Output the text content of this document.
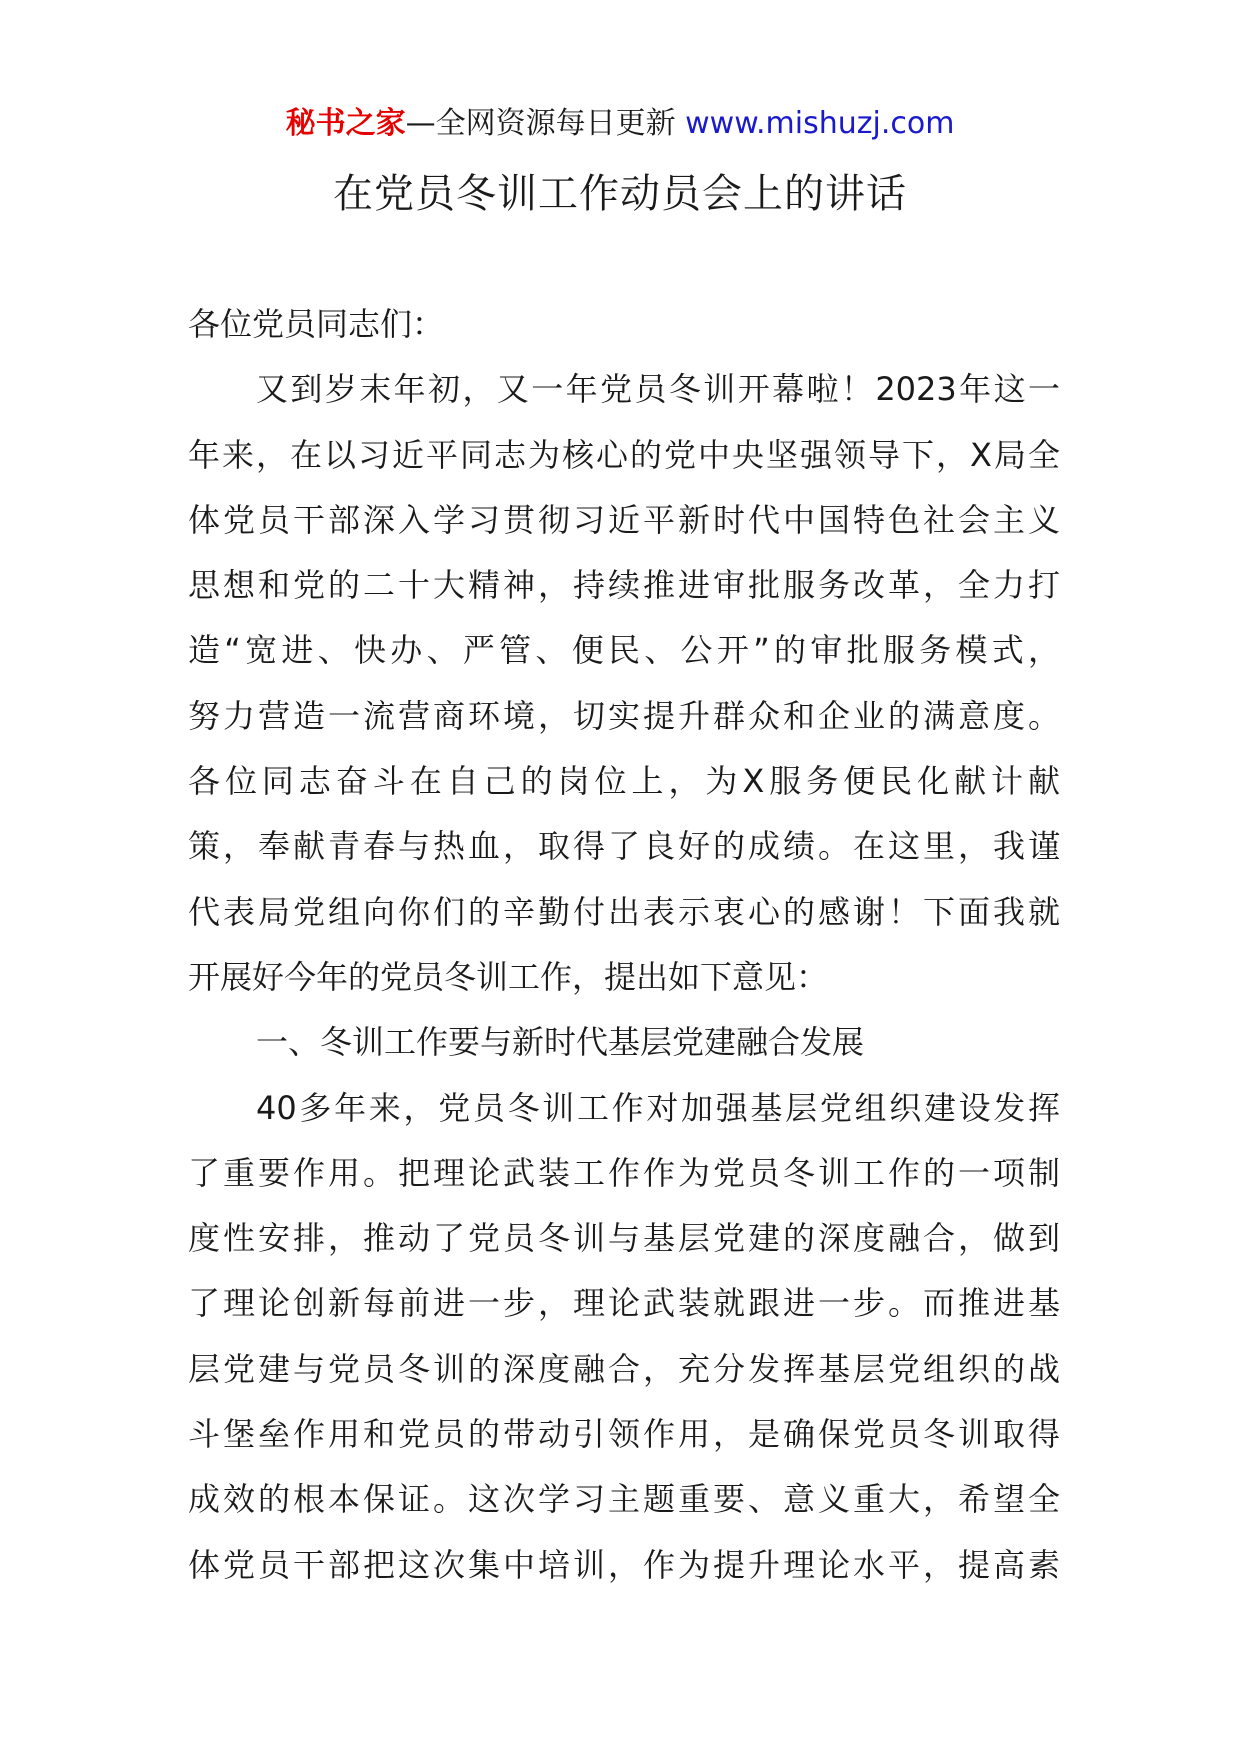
秘书之家—全网资源每日更新 www.mishuzj.com
在党员冬训工作动员会上的讲话
各位党员同志们：
又到岁末年初，又一年党员冬训开幕啦！2023年这一
年来，在以习近平同志为核心的党中央坚强领导下，X局全
体党员干部深入学习贯彻习近平新时代中国特色社会主义
思想和党的二十大精神，持续推进审批服务改革，全力打
造“宽进、快办、严管、便民、公开”的审批服务模式，
努力营造一流营商环境，切实提升群众和企业的满意度。
各位同志奋斗在自己的岗位上，为X服务便民化献计献
策，奉献青春与热血，取得了良好的成绩。在这里，我谨
代表局党组向你们的辛勤付出表示衷心的感谢！下面我就
开展好今年的党员冬训工作，提出如下意见：
一、冬训工作要与新时代基层党建融合发展
40多年来，党员冬训工作对加强基层党组织建设发挥
了重要作用。把理论武装工作作为党员冬训工作的一项制
度性安排，推动了党员冬训与基层党建的深度融合，做到
了理论创新每前进一步，理论武装就跟进一步。而推进基
层党建与党员冬训的深度融合，充分发挥基层党组织的战
斗堡垒作用和党员的带动引领作用，是确保党员冬训取得
成效的根本保证。这次学习主题重要、意义重大，希望全
体党员干部把这次集中培训，作为提升理论水平，提高素
